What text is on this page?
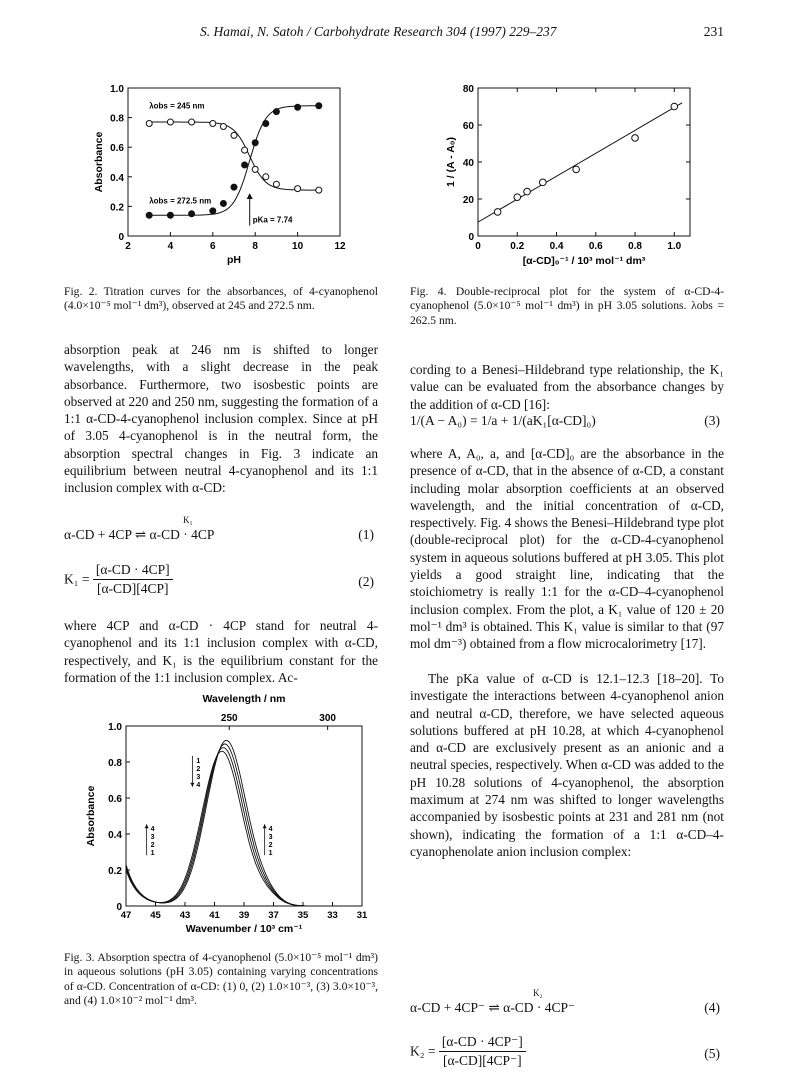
S. Hamai, N. Satoh / Carbohydrate Research 304 (1997) 229–237	231
2	4	6	8	10	12
0
0.2
0.4
0.6
0.8
1.0
pH
Absorbance
λobs = 245 nm
λobs = 272.5 nm
pKa = 7.74
Fig. 2. Titration curves for the absorbances, of 4-cyanophenol (4.0×10⁻⁵ mol⁻¹ dm³), observed at 245 and 272.5 nm.
0	0.2	0.4	0.6	0.8	1.0
0
20
40
60
80
[α-CD]₀⁻¹ / 10³ mol⁻¹ dm³
1 / (A - A₀)
Fig. 4. Double-reciprocal plot for the system of α-CD-4-cyanophenol (5.0×10⁻⁵ mol⁻¹ dm³) in pH 3.05 solutions. λobs = 262.5 nm.
absorption peak at 246 nm is shifted to longer wavelengths, with a slight decrease in the peak absorbance. Furthermore, two isosbestic points are observed at 220 and 250 nm, suggesting the formation of a 1:1 α-CD-4-cyanophenol inclusion complex. Since at pH of 3.05 4-cyanophenol is in the neutral form, the absorption spectral changes in Fig. 3 indicate an equilibrium between neutral 4-cyanophenol and its 1:1 inclusion complex with α-CD:
α-CD + 4CP ⇌ α-CD · 4CP
K₁
(1)
$K_1 = \frac{[\alpha-CD \cdot 4CP]}{[\alpha-CD][4CP]}$	(2)
where 4CP and α-CD · 4CP stand for neutral 4-cyanophenol and its 1:1 inclusion complex with α-CD, respectively, and K₁ is the equilibrium constant for the formation of the 1:1 inclusion complex. Ac-
Wavelength / nm
250	300
47 45 43 41 39 37 35 33 31
0
0.2
0.4
0.6
0.8
1.0
Wavenumber / 10³ cm⁻¹
Absorbance
1
2
3
4
4
3
2
1
4
3
2
1
Fig. 3. Absorption spectra of 4-cyanophenol (5.0×10⁻⁵ mol⁻¹ dm³) in aqueous solutions (pH 3.05) containing varying concentrations of α-CD. Concentration of α-CD: (1) 0, (2) 1.0×10⁻³, (3) 3.0×10⁻³, and (4) 1.0×10⁻² mol⁻¹ dm³.
cording to a Benesi–Hildebrand type relationship, the K₁ value can be evaluated from the absorbance changes by the addition of α-CD [16]:
1/(A − A₀) = 1/a + 1/(aK₁[α-CD]₀)	(3)
where A, A₀, a, and [α-CD]₀ are the absorbance in the presence of α-CD, that in the absence of α-CD, a constant including molar absorption coefficients at an observed wavelength, and the initial concentration of α-CD, respectively. Fig. 4 shows the Benesi–Hildebrand type plot (double-reciprocal plot) for the α-CD-4-cyanophenol system in aqueous solutions buffered at pH 3.05. This plot yields a good straight line, indicating that the stoichiometry is really 1:1 for the α-CD–4-cyanophenol inclusion complex. From the plot, a K₁ value of 120 ± 20 mol⁻¹ dm³ is obtained. This K₁ value is similar to that (97 mol dm⁻³) obtained from a flow microcalorimetry [17].
The pKa value of α-CD is 12.1–12.3 [18–20]. To investigate the interactions between 4-cyanophenol anion and neutral α-CD, therefore, we have selected aqueous solutions buffered at pH 10.28, at which 4-cyanophenol and α-CD are exclusively present as an anionic and a neutral species, respectively. When α-CD was added to the pH 10.28 solutions of 4-cyanophenol, the absorption maximum at 274 nm was shifted to longer wavelengths accompanied by isosbestic points at 231 and 281 nm (not shown), indicating the formation of a 1:1 α-CD–4-cyanophenolate anion inclusion complex:
α-CD + 4CP⁻ ⇌ α-CD · 4CP⁻
K₂
(4)
$K_2 = \frac{[\alpha-CD \cdot 4CP^-]}{[\alpha-CD][4CP^-]}$	(5)
